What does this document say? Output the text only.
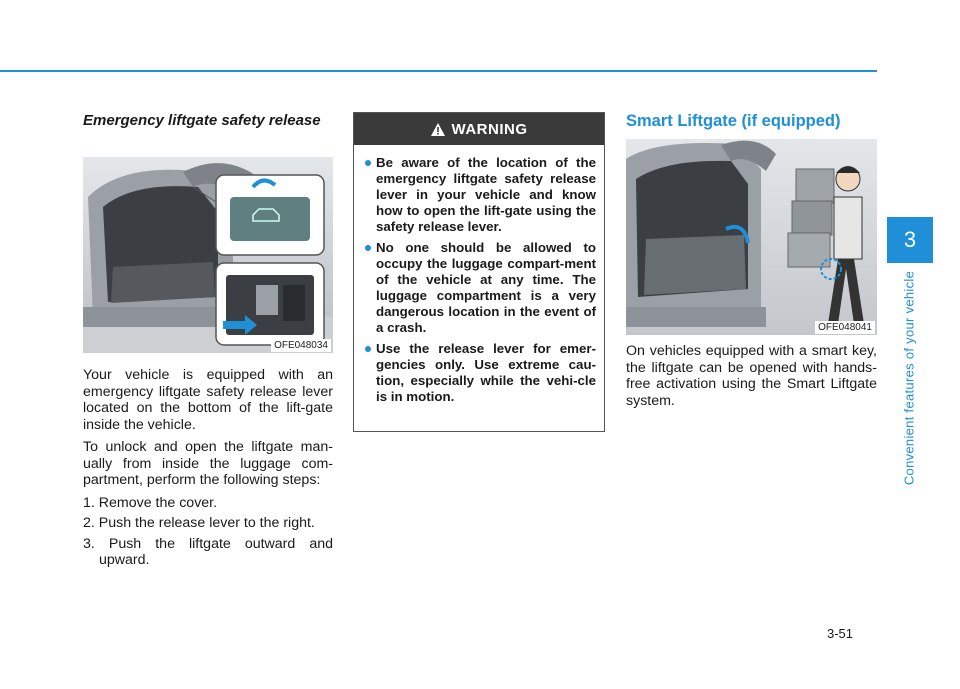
Emergency liftgate safety release
OFE048034

Your vehicle is equipped with an emergency liftgate safety release lever located on the bottom of the lift-gate inside the vehicle.

To unlock and open the liftgate man-ually from inside the luggage com-partment, perform the following steps:

1. Remove the cover.
2. Push the release lever to the right.
3. Push the liftgate outward and upward.
WARNING
Be aware of the location of the emergency liftgate safety release lever in your vehicle and know how to open the lift-gate using the safety release lever.
No one should be allowed to occupy the luggage compart-ment of the vehicle at any time. The luggage compartment is a very dangerous location in the event of a crash.
Use the release lever for emer-gencies only. Use extreme cau-tion, especially while the vehi-cle is in motion.
Smart Liftgate (if equipped)
OFE048041

On vehicles equipped with a smart key, the liftgate can be opened with hands-free activation using the Smart Liftgate system.

3
Convenient features of your vehicle
3-51
